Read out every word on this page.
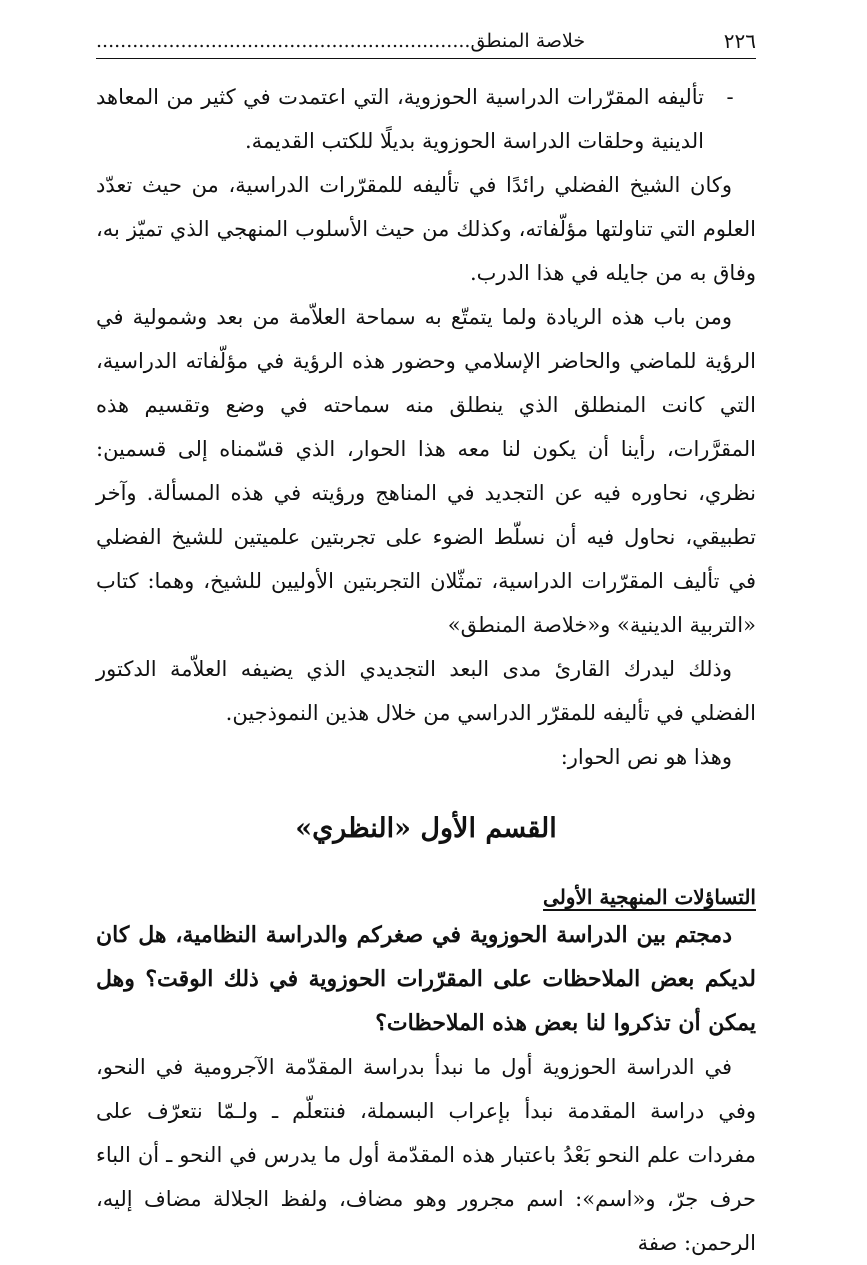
٢٢٦
خلاصة المنطق..............................................................
-
تأليفه المقرّرات الدراسية الحوزوية، التي اعتمدت في كثير من المعاهد الدينية وحلقات الدراسة الحوزوية بديلًا للكتب القديمة.

وكان الشيخ الفضلي رائدًا في تأليفه للمقرّرات الدراسية، من حيث تعدّد العلوم التي تناولتها مؤلّفاته، وكذلك من حيث الأسلوب المنهجي الذي تميّز به، وفاق به من جايله في هذا الدرب.

ومن باب هذه الريادة ولما يتمتّع به سماحة العلاّمة من بعد وشمولية في الرؤية للماضي والحاضر الإسلامي وحضور هذه الرؤية في مؤلّفاته الدراسية، التي كانت المنطلق الذي ينطلق منه سماحته في وضع وتقسيم هذه المقرَّرات، رأينا أن يكون لنا معه هذا الحوار، الذي قسّمناه إلى قسمين: نظري، نحاوره فيه عن التجديد في المناهج ورؤيته في هذه المسألة. وآخر تطبيقي، نحاول فيه أن نسلّط الضوء على تجربتين علميتين للشيخ الفضلي في تأليف المقرّرات الدراسية، تمثّلان التجربتين الأوليين للشيخ، وهما: كتاب «التربية الدينية» و«خلاصة المنطق»

وذلك ليدرك القارئ مدى البعد التجديدي الذي يضيفه العلاّمة الدكتور الفضلي في تأليفه للمقرّر الدراسي من خلال هذين النموذجين.

وهذا هو نص الحوار:

القسم الأول «النظري»

التساؤلات المنهجية الأولى

دمجتم بين الدراسة الحوزوية في صغركم والدراسة النظامية، هل كان لديكم بعض الملاحظات على المقرّرات الحوزوية في ذلك الوقت؟ وهل يمكن أن تذكروا لنا بعض هذه الملاحظات؟

في الدراسة الحوزوية أول ما نبدأ بدراسة المقدّمة الآجرومية في النحو، وفي دراسة المقدمة نبدأ بإعراب البسملة، فنتعلّم ـ ولـمّا نتعرّف على مفردات علم النحو بَعْدُ باعتبار هذه المقدّمة أول ما يدرس في النحو ـ أن الباء حرف جرّ، و«اسم»: اسم مجرور وهو مضاف، ولفظ الجلالة مضاف إليه، الرحمن: صفة
